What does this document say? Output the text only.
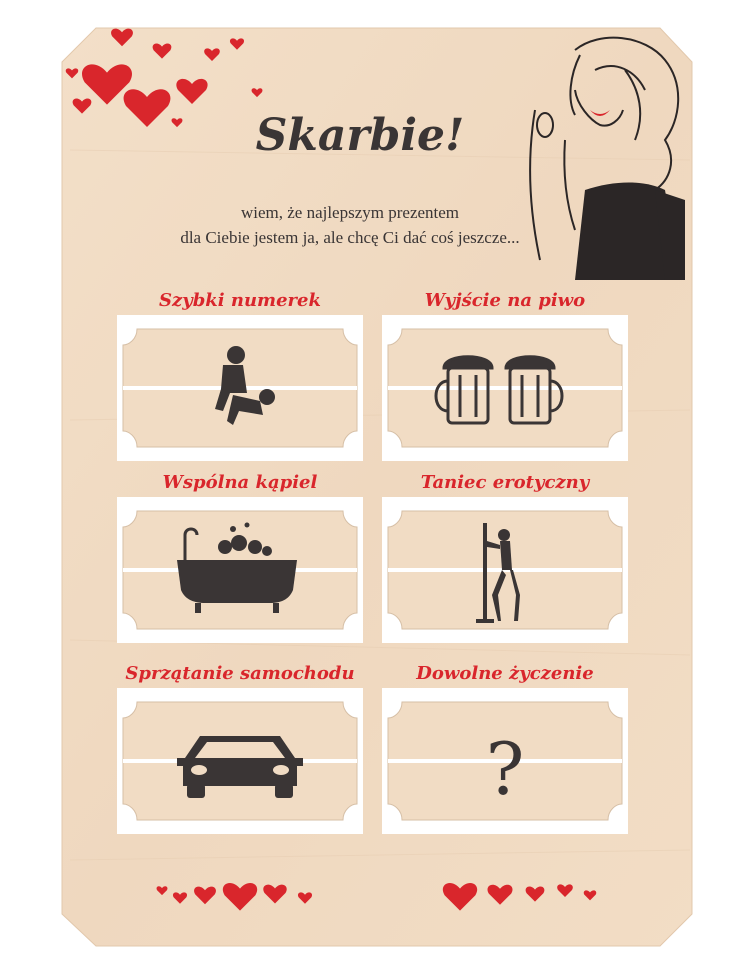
Skarbie!
wiem, że najlepszym prezentem
dla Ciebie jestem ja, ale chcę Ci dać coś jeszcze...
Szybki numerek	Wyjście na piwo
Wspólna kąpiel	Taniec erotyczny
Sprzątanie samochodu	Dowolne życzenie
?
